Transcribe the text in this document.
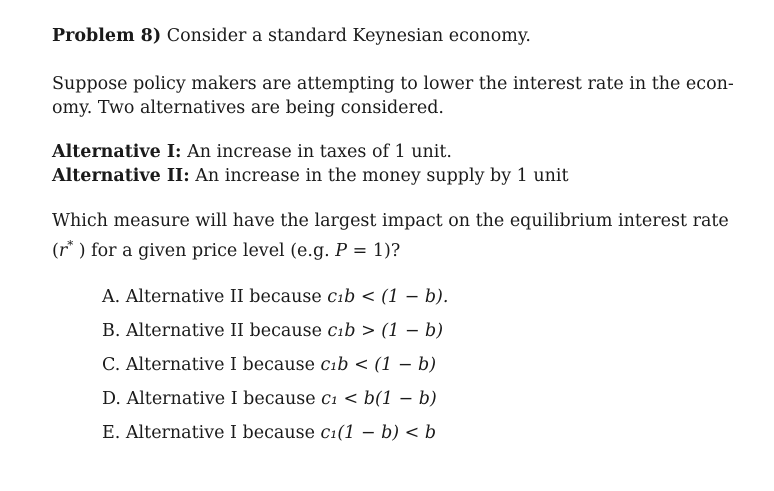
Problem 8) Consider a standard Keynesian economy.

Suppose policy makers are attempting to lower the interest rate in the econ-
omy. Two alternatives are being considered.

Alternative I: An increase in taxes of 1 unit.
Alternative II: An increase in the money supply by 1 unit

Which measure will have the largest impact on the equilibrium interest rate
(r* ) for a given price level (e.g. P = 1)?

A. Alternative II because c₁b < (1 − b).
B. Alternative II because c₁b > (1 − b)
C. Alternative I because c₁b < (1 − b)
D. Alternative I because c₁ < b(1 − b)
E. Alternative I because c₁(1 − b) < b
